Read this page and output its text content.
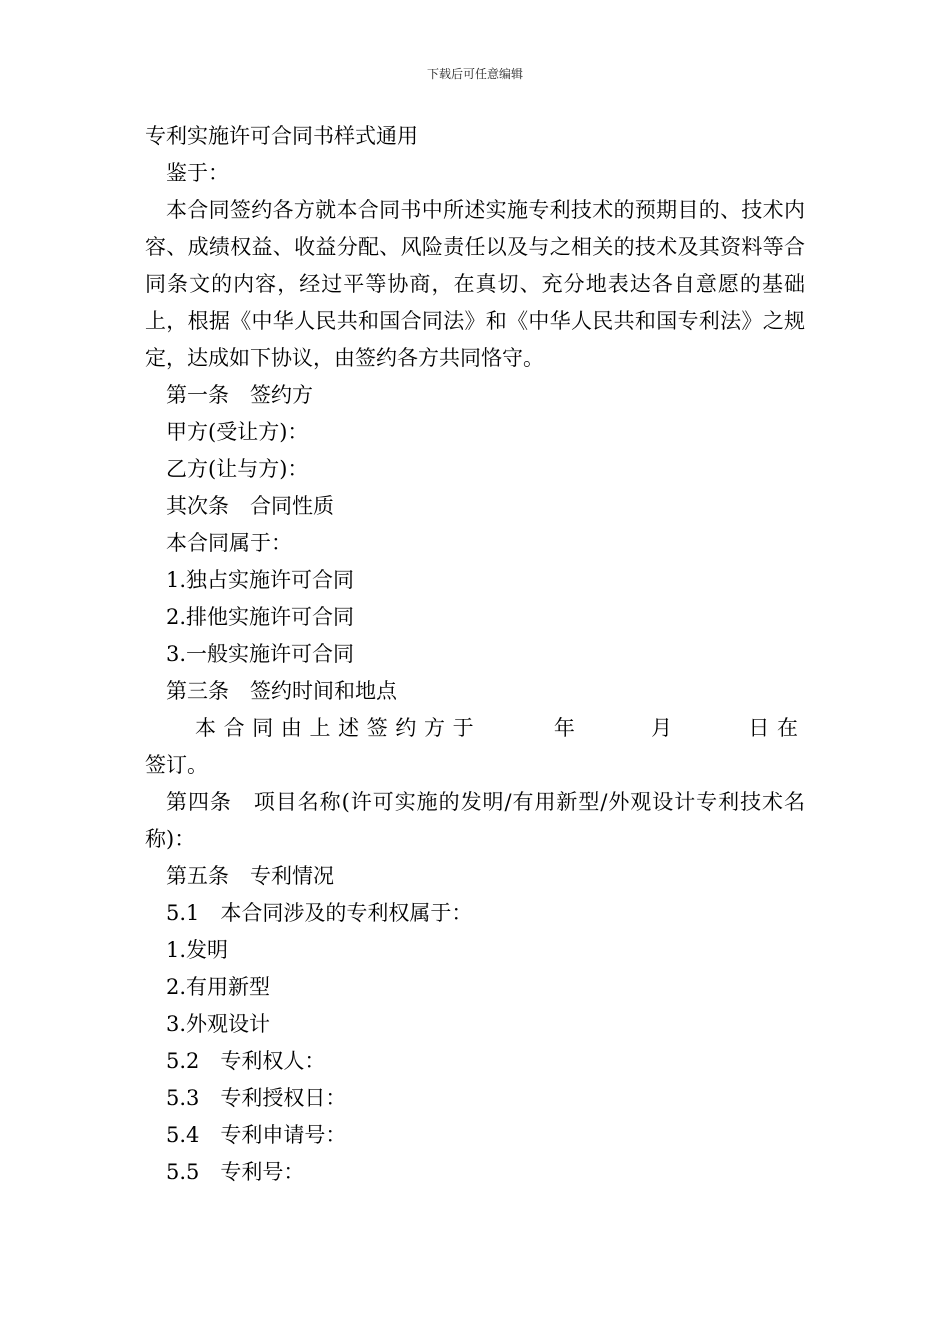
下载后可任意编辑
专利实施许可合同书样式通用
鉴于：
本合同签约各方就本合同书中所述实施专利技术的预期目的、技术内容、成绩权益、收益分配、风险责任以及与之相关的技术及其资料等合同条文的内容，经过平等协商，在真切、充分地表达各自意愿的基础上，根据《中华人民共和国合同法》和《中华人民共和国专利法》之规定，达成如下协议，由签约各方共同恪守。
第一条　签约方
甲方(受让方)：
乙方(让与方)：
其次条　合同性质
本合同属于：
1.独占实施许可合同
2.排他实施许可合同
3.一般实施许可合同
第三条　签约时间和地点
本合同由上述签约方于	年	月	日在
签订。
第四条　项目名称(许可实施的发明/有用新型/外观设计专利技术名称)：
第五条　专利情况
5.1　本合同涉及的专利权属于：
1.发明
2.有用新型
3.外观设计
5.2　专利权人：
5.3　专利授权日：
5.4　专利申请号：
5.5　专利号：
